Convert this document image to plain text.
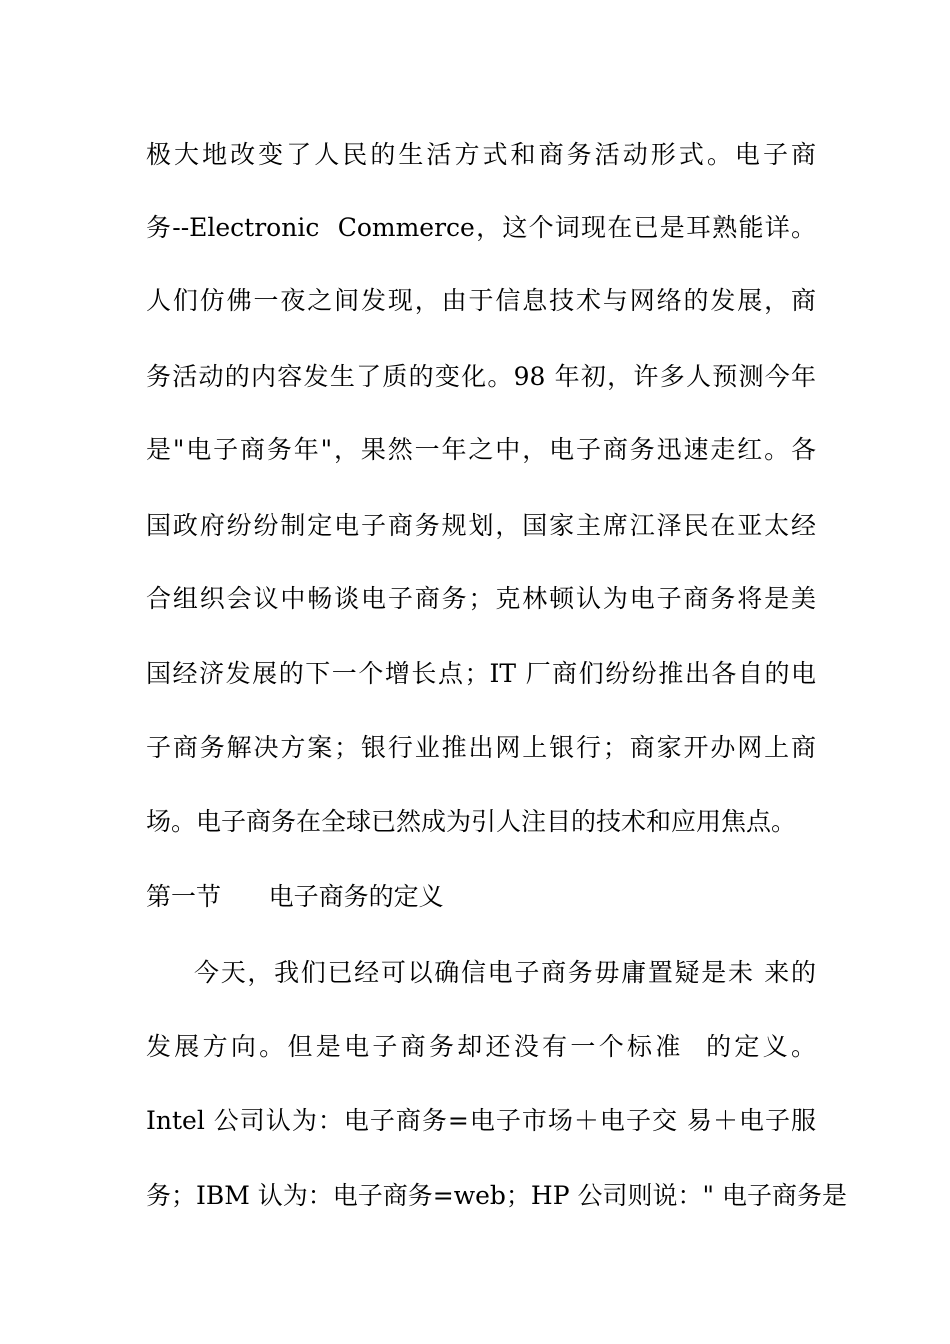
极大地改变了人民的生活方式和商务活动形式。电子商
务--Electronic  Commerce，这个词现在已是耳熟能详。
人们仿佛一夜之间发现，由于信息技术与网络的发展，商
务活动的内容发生了质的变化。98 年初，许多人预测今年
是"电子商务年"，果然一年之中，电子商务迅速走红。各
国政府纷纷制定电子商务规划，国家主席江泽民在亚太经
合组织会议中畅谈电子商务；克林顿认为电子商务将是美
国经济发展的下一个增长点；IT 厂商们纷纷推出各自的电
子商务解决方案；银行业推出网上银行；商家开办网上商
场。电子商务在全球已然成为引人注目的技术和应用焦点。
第一节      电子商务的定义
今天，我们已经可以确信电子商务毋庸置疑是未 来的
发展方向。但是电子商务却还没有一个标准  的定义。
Intel 公司认为：电子商务=电子市场＋电子交 易＋电子服
务；IBM 认为：电子商务=web；HP 公司则说：" 电子商务是
